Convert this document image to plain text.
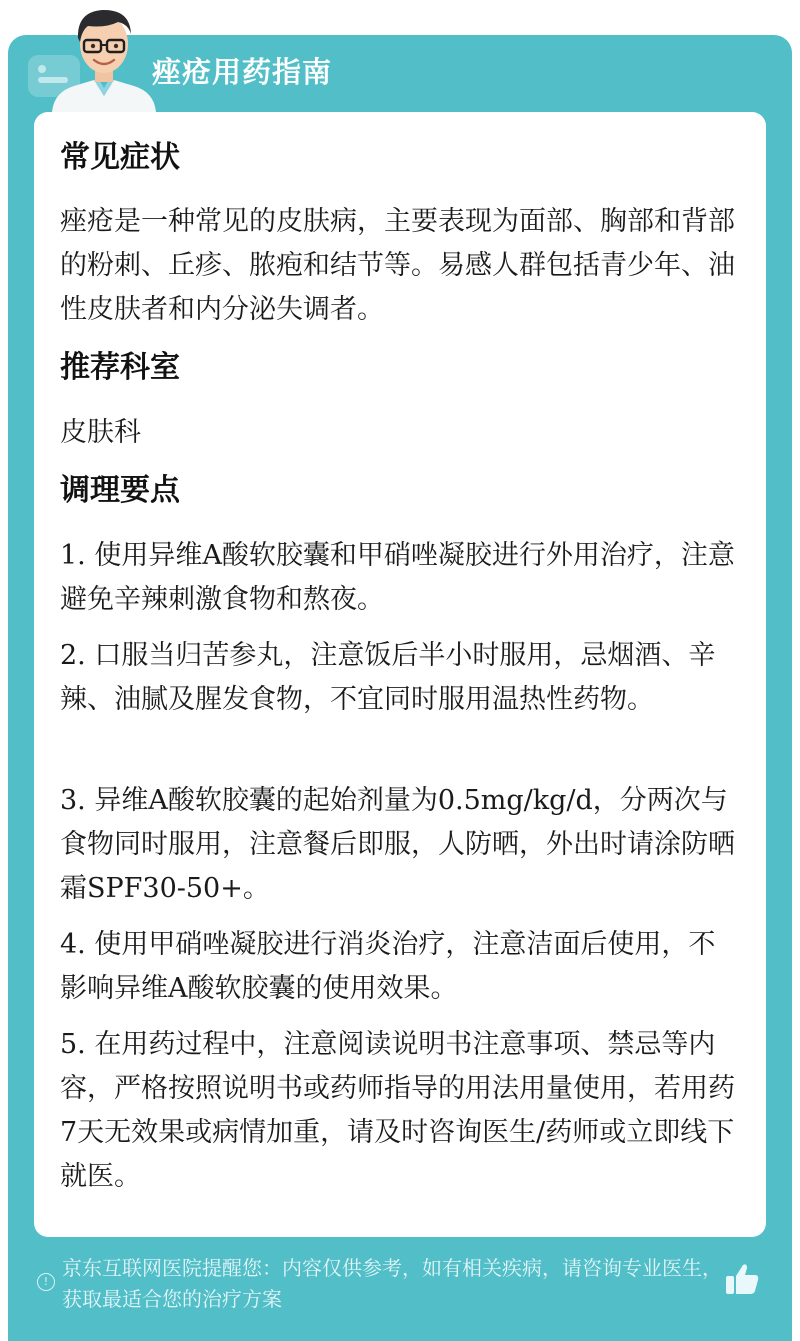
痤疮用药指南
常见症状
痤疮是一种常见的皮肤病，主要表现为面部、胸部和背部的粉刺、丘疹、脓疱和结节等。易感人群包括青少年、油性皮肤者和内分泌失调者。
推荐科室
皮肤科
调理要点
1. 使用异维A酸软胶囊和甲硝唑凝胶进行外用治疗，注意避免辛辣刺激食物和熬夜。
2. 口服当归苦参丸，注意饭后半小时服用，忌烟酒、辛辣、油腻及腥发食物，不宜同时服用温热性药物。
3. 异维A酸软胶囊的起始剂量为0.5mg/kg/d，分两次与食物同时服用，注意餐后即服，人防晒，外出时请涂防晒霜SPF30-50+。
4. 使用甲硝唑凝胶进行消炎治疗，注意洁面后使用，不影响异维A酸软胶囊的使用效果。
5. 在用药过程中，注意阅读说明书注意事项、禁忌等内容，严格按照说明书或药师指导的用法用量使用，若用药7天无效果或病情加重，请及时咨询医生/药师或立即线下就医。
!
京东互联网医院提醒您：内容仅供参考，如有相关疾病，请咨询专业医生，获取最适合您的治疗方案
